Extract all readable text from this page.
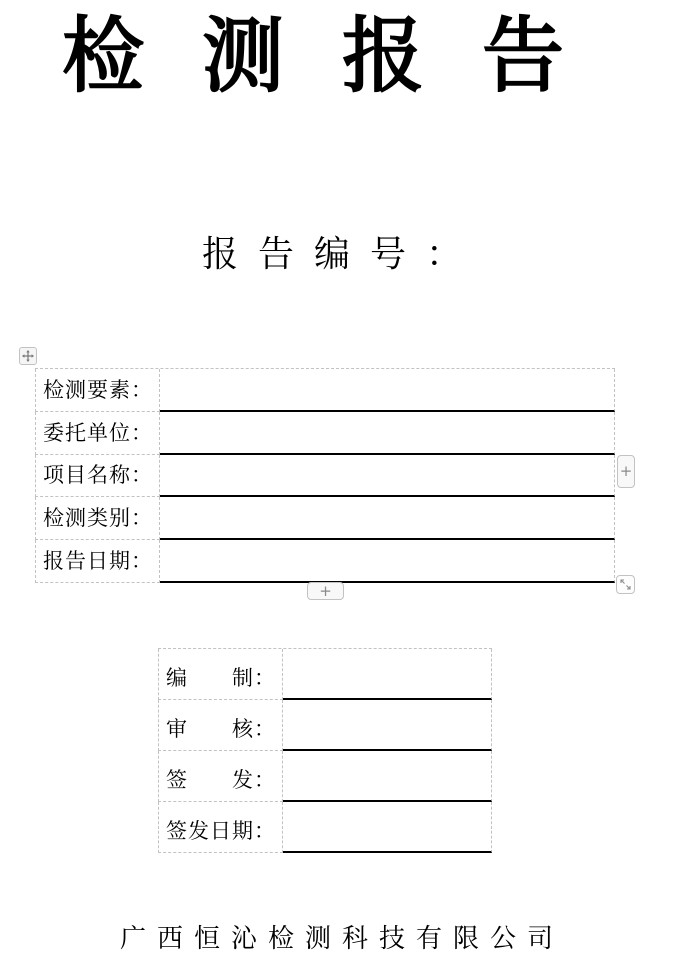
检测报告
报告编号：
检测要素：
委托单位：
项目名称：
检测类别：
报告日期：
+
+
编　　制：
审　　核：
签　　发：
签发日期：
广西恒沁检测科技有限公司
